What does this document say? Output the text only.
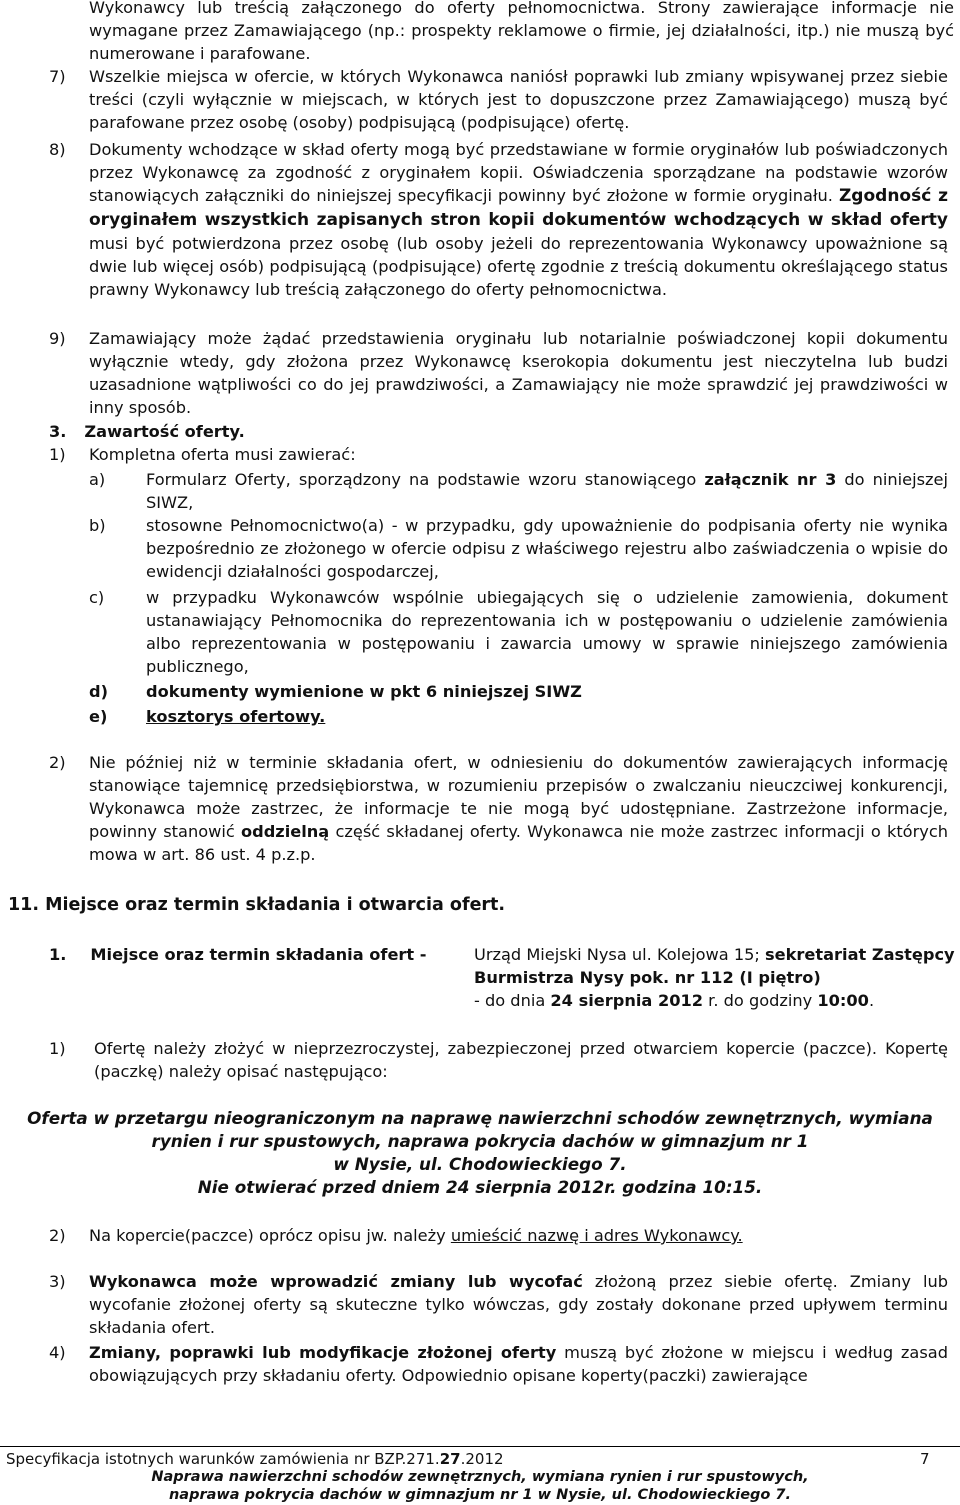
Wykonawcy lub treścią załączonego do oferty pełnomocnictwa. Strony zawierające informacje nie wymagane przez Zamawiającego (np.: prospekty reklamowe o firmie, jej działalności, itp.) nie muszą być numerowane i parafowane.
7) Wszelkie miejsca w ofercie, w których Wykonawca naniósł poprawki lub zmiany wpisywanej przez siebie treści (czyli wyłącznie w miejscach, w których jest to dopuszczone przez Zamawiającego) muszą być parafowane przez osobę (osoby) podpisującą (podpisujące) ofertę.
8) Dokumenty wchodzące w skład oferty mogą być przedstawiane w formie oryginałów lub poświadczonych przez Wykonawcę za zgodność z oryginałem kopii. Oświadczenia sporządzane na podstawie wzorów stanowiących załączniki do niniejszej specyfikacji powinny być złożone w formie oryginału. Zgodność z oryginałem wszystkich zapisanych stron kopii dokumentów wchodzących w skład oferty musi być potwierdzona przez osobę (lub osoby jeżeli do reprezentowania Wykonawcy upoważnione są dwie lub więcej osób) podpisującą (podpisujące) ofertę zgodnie z treścią dokumentu określającego status prawny Wykonawcy lub treścią załączonego do oferty pełnomocnictwa.
9) Zamawiający może żądać przedstawienia oryginału lub notarialnie poświadczonej kopii dokumentu wyłącznie wtedy, gdy złożona przez Wykonawcę kserokopia dokumentu jest nieczytelna lub budzi uzasadnione wątpliwości co do jej prawdziwości, a Zamawiający nie może sprawdzić jej prawdziwości w inny sposób.
3. Zawartość oferty.
1) Kompletna oferta musi zawierać:
a)	Formularz Oferty, sporządzony na podstawie wzoru stanowiącego załącznik nr 3 do niniejszej SIWZ,
b) stosowne Pełnomocnictwo(a) - w przypadku, gdy upoważnienie do podpisania oferty nie wynika bezpośrednio ze złożonego w ofercie odpisu z właściwego rejestru albo zaświadczenia o wpisie do ewidencji działalności gospodarczej,
c)	w przypadku Wykonawców wspólnie ubiegających się o udzielenie zamowienia, dokument ustanawiający Pełnomocnika do reprezentowania ich w postępowaniu o udzielenie zamówienia albo reprezentowania w postępowaniu i zawarcia umowy w sprawie niniejszego zamówienia publicznego,
d) dokumenty wymienione w pkt 6 niniejszej SIWZ
e) kosztorys ofertowy.
2) Nie później niż w terminie składania ofert, w odniesieniu do dokumentów zawierających informację stanowiące tajemnicę przedsiębiorstwa, w rozumieniu przepisów o zwalczaniu nieuczciwej konkurencji, Wykonawca może zastrzec, że informacje te nie mogą być udostępniane. Zastrzeżone informacje, powinny stanowić oddzielną część składanej oferty. Wykonawca nie może zastrzec informacji o których mowa w art. 86 ust. 4 p.z.p.
11. Miejsce oraz termin składania i otwarcia ofert.
1. Miejsce oraz termin składania ofert -	Urząd Miejski Nysa ul. Kolejowa 15; sekretariat Zastępcy Burmistrza Nysy pok. nr 112 (I piętro)
- do dnia 24 sierpnia 2012 r. do godziny 10:00.
1) Ofertę należy złożyć w nieprzezroczystej, zabezpieczonej przed otwarciem kopercie (paczce). Kopertę (paczkę) należy opisać następująco:
Oferta w przetargu nieograniczonym na naprawę nawierzchni schodów zewnętrznych, wymiana
rynien i rur spustowych, naprawa pokrycia dachów w gimnazjum nr 1
w Nysie, ul. Chodowieckiego 7.
Nie otwierać przed dniem 24 sierpnia 2012r. godzina 10:15.
2) Na kopercie(paczce) oprócz opisu jw. należy umieścić nazwę i adres Wykonawcy.
3) Wykonawca może wprowadzić zmiany lub wycofać złożoną przez siebie ofertę. Zmiany lub wycofanie złożonej oferty są skuteczne tylko wówczas, gdy zostały dokonane przed upływem terminu składania ofert.
4) Zmiany, poprawki lub modyfikacje złożonej oferty muszą być złożone w miejscu i według zasad obowiązujących przy składaniu oferty. Odpowiednio opisane koperty(paczki) zawierające
Specyfikacja istotnych warunków zamówienia nr BZP.271.27.2012	7
Naprawa nawierzchni schodów zewnętrznych, wymiana rynien i rur spustowych,
naprawa pokrycia dachów w gimnazjum nr 1 w Nysie, ul. Chodowieckiego 7.
